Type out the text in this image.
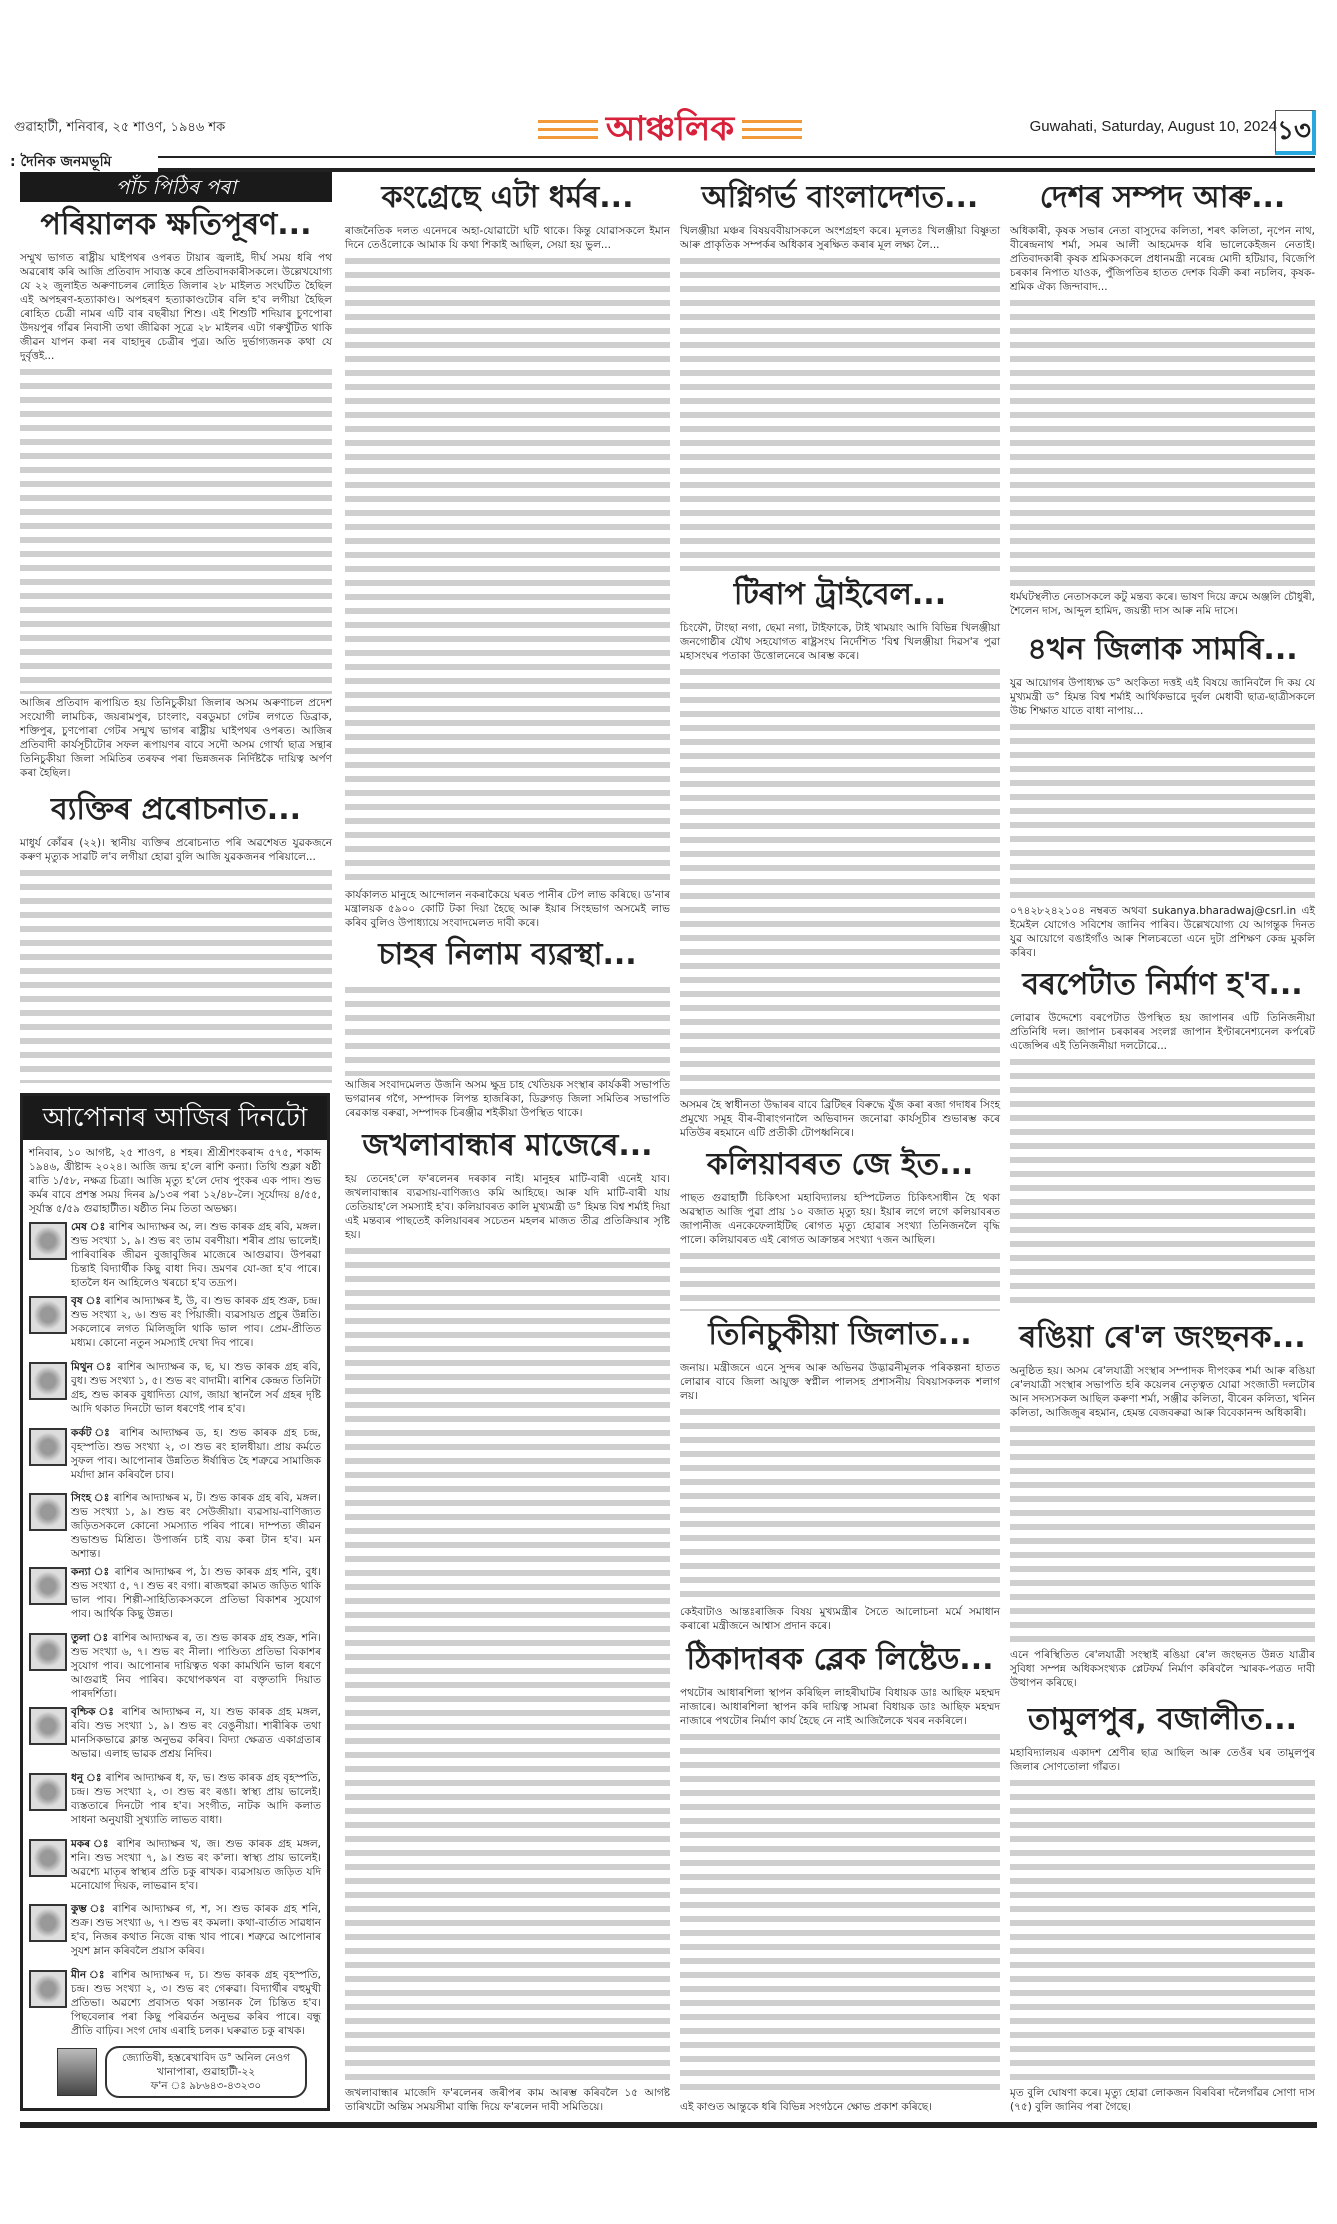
গুৱাহাটী, শনিবাৰ, ২৫ শাওণ, ১৯৪৬ শক	আঞ্চলিক	Guwahati, Saturday, August 10, 2024 ১৩
: দৈনিক জনমভূমি
পাঁচ পিঠিৰ পৰা
পৰিয়ালক ক্ষতিপূৰণ...

সম্মুখ ভাগত ৰাষ্ট্ৰীয় ঘাইপথৰ ওপৰত টায়াৰ জ্বলাই, দীৰ্ঘ সময় ধৰি পথ অৱৰোধ কৰি আজি প্ৰতিবাদ সাব্যস্ত কৰে প্ৰতিবাদকাৰীসকলে। উল্লেখযোগ্য যে ২২ জুলাইত অৰুণাচলৰ লোহিত জিলাৰ ২৮ মাইলত সংঘটিত হৈছিল এই অপহৰণ-হত্যাকাণ্ড। অপহৰণ হত্যাকাণ্ডটোৰ বলি হ'ব লগীয়া হৈছিল ৰোহিত চেত্ৰী নামৰ এটি বাৰ বছৰীয়া শিশু। এই শিশুটি শদিয়াৰ চুণপোৰা উদয়পুৰ গাঁৱৰ নিবাসী তথা জীৱিকা সূত্ৰে ২৮ মাইলৰ এটা গৰুখুঁটিত থাকি জীৱন যাপন কৰা নৰ বাহাদুৰ চেত্ৰীৰ পুত্ৰ। অতি দুৰ্ভাগ্যজনক কথা যে দুৰ্বৃত্তই...

আজিৰ প্ৰতিবাদ ৰূপায়িত হয় তিনিচুকীয়া জিলাৰ অসম অৰুণাচল প্ৰদেশ সংযোগী লামচিক, জয়ৰামপুৰ, চাংলাং, বৰডুমচা গেটৰ লগতে ডিব্ৰাক, শক্তিপুৰ, চুণপোৰা গেটৰ সন্মুখ ভাগৰ ৰাষ্ট্ৰীয় ঘাইপথৰ ওপৰত। আজিৰ প্ৰতিবাদী কাৰ্যসূচীটোৰ সফল ৰূপায়ণৰ বাবে সদৌ অসম গোৰ্খা ছাত্ৰ সন্থাৰ তিনিচুকীয়া জিলা সমিতিৰ তৰফৰ পৰা ভিন্নজনক নিৰ্দিষ্টকৈ দায়িত্ব অৰ্পণ কৰা হৈছিল।

ব্যক্তিৰ প্ৰৰোচনাত...

মাধুৰ্য কোঁৱৰ (২২)। স্থানীয় ব্যক্তিৰ প্ৰৰোচনাত পৰি অৱশেষত যুৱকজনে কৰুণ মৃত্যুক সাৱটি ল'ব লগীয়া হোৱা বুলি আজি যুৱকজনৰ পৰিয়ালে...

আপোনাৰ আজিৰ দিনটো
শনিবাৰ, ১০ আগষ্ট, ২৫ শাওণ, ৪ শহৰ। শ্ৰীশ্ৰীশংকৰাব্দ ৫৭৫, শকাব্দ ১৯৪৬, খ্ৰীষ্টাব্দ ২০২৪। আজি জন্ম হ'লে ৰাশি কন্যা। তিথি শুক্লা ষষ্ঠী ৰাতি ১/৫৮, নক্ষত্ৰ চিত্ৰা। আজি মৃত্যু হ'লে দোষ পুংকৰ এক পাদ। শুভ কৰ্মৰ বাবে প্ৰশস্ত সময় দিনৰ ৯/১৩ৰ পৰা ১২/৪৮-লৈ। সূৰ্যোদয় ৪/৫৫, সূৰ্যাস্ত ৫/৫৯ গুৱাহাটীত। ষষ্ঠীত নিম তিতা অভক্ষ্য।
মেষ ঃ ৰাশিৰ আদ্যাক্ষৰ অ, ল। শুভ কাৰক গ্ৰহ ৰবি, মঙ্গল। শুভ সংখ্যা ১, ৯। শুভ ৰং তাম বৰণীয়া। শৰীৰ প্ৰায় ভালেই। পাৰিবাৰিক জীৱন বুজাবুজিৰ মাজেৰে আগুৱাব। উপৰৱা চিন্তাই বিদ্যাৰ্থীক কিছু বাধা দিব। ভ্ৰমণৰ যো-জা হ'ব পাৰে। হাতলৈ ধন আহিলেও খৰচো হ'ব তদ্ৰূপ।
বৃষ ঃ ৰাশিৰ আদ্যাক্ষৰ ই, উ, ব। শুভ কাৰক গ্ৰহ শুক্ৰ, চন্দ্ৰ। শুভ সংখ্যা ২, ৬। শুভ ৰং পিঁয়াজী। ব্যৱসায়ত প্ৰচুৰ উন্নতি। সকলোৰে লগত মিলিজুলি থাকি ভাল পাব। প্ৰেম-প্ৰীতিত মধ্যম। কোনো নতুন সমস্যাই দেখা দিব পাৰে।
মিথুন ঃ ৰাশিৰ আদ্যাক্ষৰ ক, ছ, ঘ। শুভ কাৰক গ্ৰহ ৰবি, বুধ। শুভ সংখ্যা ১, ৫। শুভ ৰং বাদামী। ৰাশিৰ কেন্দ্ৰত তিনিটা গ্ৰহ, শুভ কাৰক বুধাদিত্য যোগ, জায়া স্থানলৈ সৰ্ব গ্ৰহৰ দৃষ্টি আদি থকাত দিনটো ভাল ধৰণেই পাৰ হ'ব।
কৰ্কট ঃ ৰাশিৰ আদ্যাক্ষৰ ড, হ। শুভ কাৰক গ্ৰহ চন্দ্ৰ, বৃহস্পতি। শুভ সংখ্যা ২, ৩। শুভ ৰং হালধীয়া। প্ৰায় কৰ্মতে সুফল পাব। আপোনাৰ উন্নতিত ঈৰ্ষান্বিত হৈ শত্ৰুৱে সামাজিক মৰ্যাদা ম্লান কৰিবলৈ চাব।
সিংহ ঃ ৰাশিৰ আদ্যাক্ষৰ ম, ট। শুভ কাৰক গ্ৰহ ৰবি, মঙ্গল। শুভ সংখ্যা ১, ৯। শুভ ৰং সেউজীয়া। ব্যৱসায়-বাণিজ্যত জড়িতসকলে কোনো সমস্যাত পৰিব পাৰে। দাম্পত্য জীৱন শুভাশুভ মিশ্ৰিত। উপাৰ্জন চাই ব্যয় কৰা টান হ'ব। মন অশান্ত।
কন্যা ঃ ৰাশিৰ আদ্যাক্ষৰ প, ঠ। শুভ কাৰক গ্ৰহ শনি, বুধ। শুভ সংখ্যা ৫, ৭। শুভ ৰং বগা। ৰাজহুৱা কামত জড়িত থাকি ভাল পাব। শিল্পী-সাহিত্যিকসকলে প্ৰতিভা বিকাশৰ সুযোগ পাব। আৰ্থিক কিছু উন্নত।
তুলা ঃ ৰাশিৰ আদ্যাক্ষৰ ৰ, ত। শুভ কাৰক গ্ৰহ শুক্ৰ, শনি। শুভ সংখ্যা ৬, ৭। শুভ ৰং নীলা। পাণ্ডিত্য প্ৰতিভা বিকাশৰ সুযোগ পাব। আপোনাৰ দায়িত্বত থকা কামখিনি ভাল ধৰণে আগুৱাই নিব পাৰিব। কথোপকথন বা বক্তৃতাদি দিয়াত পাৰদৰ্শিতা।
বৃশ্চিক ঃ ৰাশিৰ আদ্যাক্ষৰ ন, য। শুভ কাৰক গ্ৰহ মঙ্গল, ৰবি। শুভ সংখ্যা ১, ৯। শুভ ৰং বেঙুনীয়া। শাৰীৰিক তথা মানসিকভাৱে ক্লান্ত অনুভৱ কৰিব। বিদ্যা ক্ষেত্ৰত একাগ্ৰতাৰ অভাৱ। এলাহ ভাৱক প্ৰশ্ৰয় নিদিব।
ধনু ঃ ৰাশিৰ আদ্যাক্ষৰ ধ, ফ, ভ। শুভ কাৰক গ্ৰহ বৃহস্পতি, চন্দ্ৰ। শুভ সংখ্যা ২, ৩। শুভ ৰং ৰঙা। স্বাস্থ্য প্ৰায় ভালেই। ব্যস্ততাৰে দিনটো পাৰ হ'ব। সংগীত, নাটক আদি কলাত সাধনা অনুযায়ী সুখ্যাতি লাভত বাধা।
মকৰ ঃ ৰাশিৰ আদ্যাক্ষৰ খ, জ। শুভ কাৰক গ্ৰহ মঙ্গল, শনি। শুভ সংখ্যা ৭, ৯। শুভ ৰং ক'লা। স্বাস্থ্য প্ৰায় ভালেই। অৱশ্যে মাতৃৰ স্বাস্থ্যৰ প্ৰতি চকু ৰাখক। ব্যৱসায়ত জড়িত যদি মনোযোগ দিয়ক, লাভৱান হ'ব।
কুম্ভ ঃ ৰাশিৰ আদ্যাক্ষৰ গ, শ, স। শুভ কাৰক গ্ৰহ শনি, শুক্ৰ। শুভ সংখ্যা ৬, ৭। শুভ ৰং কমলা। কথা-বাৰ্তাত সাৱধান হ'ব, নিজৰ কথাত নিজে বান্ধ খাব পাৰে। শত্ৰুৱে আপোনাৰ সুযশ ম্লান কৰিবলৈ প্ৰয়াস কৰিব।
মীন ঃ ৰাশিৰ আদ্যাক্ষৰ দ, চ। শুভ কাৰক গ্ৰহ বৃহস্পতি, চন্দ্ৰ। শুভ সংখ্যা ২, ৩। শুভ ৰং গেৰুৱা। বিদ্যাৰ্থীৰ বহুমুখী প্ৰতিভা। অৱশ্যে প্ৰবাসত থকা সন্তানক লৈ চিন্তিত হ'ব। পিছবেলাৰ পৰা কিছু পৰিৱৰ্তন অনুভৱ কৰিব পাৰে। বন্ধু প্ৰীতি বাঢ়িব। সংগ দোষ এৰাহি চলক। ঘৰুৱাত চকু ৰাখক।
জ্যোতিষী, হস্তৰেখাবিদ ড° অনিল নেওগ
খানাপাৰা, গুৱাহাটী-২২
ফ'ন ঃ ৯৮৬৪৩-৪৩২৩০
কংগ্ৰেছে এটা ধৰ্মৰ...

ৰাজনৈতিক দলত এনেদৰে অহা-যোৱাটো ঘটি থাকে। কিন্তু যোৱাসকলে ইমান দিনে তেওঁলোকে আমাক যি কথা শিকাই আছিল, সেয়া হয় ভুল...

কাৰ্যকালত মানুহে আন্দোলন নকৰাকৈয়ে ঘৰত পানীৰ টেপ লাভ কৰিছে। ড'নাৰ মন্ত্ৰালয়ক ৫৯০০ কোটি টকা দিয়া হৈছে আৰু ইয়াৰ সিংহভাগ অসমেই লাভ কৰিব বুলিও উপাধ্যায়ে সংবাদমেলত দাবী কৰে।

চাহৰ নিলাম ব্যৱস্থা...

আজিৰ সংবাদমেলত উজনি অসম ক্ষুদ্ৰ চাহ খেতিয়ক সংস্থাৰ কাৰ্যকৰী সভাপতি ভগৱানৰ গগৈ, সম্পাদক লিপন্ত হাজৰিকা, ডিব্ৰুগড় জিলা সমিতিৰ সভাপতি ৰেৱকান্ত বৰুৱা, সম্পাদক চিৰঞ্জীৱ শইকীয়া উপস্থিত থাকে।

জখলাবান্ধাৰ মাজেৰে...

হয় তেনেহ'লে ফ'ৰলেনৰ দৰকাৰ নাই। মানুহৰ মাটি-বাৰী এনেই যাব। জখলাবান্ধাৰ ব্যৱসায়-বাণিজ্যও কমি আহিছে। আৰু যদি মাটি-বাৰী যায় তেতিয়াহ'লে সমস্যাই হ'ব। কলিয়াবৰত কালি মুখ্যমন্ত্ৰী ড° হিমন্ত বিশ্ব শৰ্মাই দিয়া এই মন্তব্যৰ পাছতেই কলিয়াবৰৰ সচেতন মহলৰ মাজত তীব্ৰ প্ৰতিক্ৰিয়াৰ সৃষ্টি হয়।

জখলাবান্ধাৰ মাজেদি ফ'ৰলেনৰ জৰীপৰ কাম আৰম্ভ কৰিবলৈ ১৫ আগষ্ট তাৰিখটো অন্তিম সময়সীমা বান্ধি দিয়ে ফ'ৰলেন দাবী সমিতিয়ে।

অগ্নিগৰ্ভ বাংলাদেশত...

খিলঞ্জীয়া মঞ্চৰ বিষয়ববীয়াসকলে অংশগ্ৰহণ কৰে। মূলতঃ খিলঞ্জীয়া বিষ্ণুতা আৰু প্ৰাকৃতিক সম্পৰ্কৰ অধিকাৰ সুৰক্ষিত কৰাৰ মূল লক্ষ্য লৈ...

টিৰাপ ট্ৰাইবেল...

চিংফৌ, টাংছা নগা, ছেমা নগা, টাইফাকে, টাই খাময়াং আদি বিভিন্ন খিলঞ্জীয়া জনগোষ্ঠীৰ যৌথ সহযোগত ৰাষ্ট্ৰসংঘ নিৰ্দেশিত 'বিশ্ব খিলঞ্জীয়া দিৱস'ৰ পুৱা মহাসংঘৰ পতাকা উত্তোলনেৰে আৰম্ভ কৰে।

অসমৰ হৈ স্বাধীনতা উদ্ধাৰৰ বাবে ব্ৰিটিছৰ বিৰুদ্ধে যুঁজ কৰা ৰজা গদাধৰ সিংহ প্ৰমুখ্যে সমূহ বীৰ-বীৰাংগনালৈ অভিবাদন জনোৱা কাৰ্যসূচীৰ শুভাৰম্ভ কৰে মতিউৰ ৰহমানে এটি প্ৰতীকী টোপধ্বনিৰে।

কলিয়াবৰত জে ইত...

পাছত গুৱাহাটী চিকিৎসা মহাবিদ্যালয় হস্পিটেলত চিকিৎসাধীন হৈ থকা অৱস্থাত আজি পুৱা প্ৰায় ১০ বজাত মৃত্যু হয়। ইয়াৰ লগে লগে কলিয়াবৰত জাপানীজ এনকেফেলাইটিছ ৰোগত মৃত্যু হোৱাৰ সংখ্যা তিনিজনলৈ বৃদ্ধি পালে। কলিয়াবৰত এই ৰোগত আক্ৰান্তৰ সংখ্যা ৭জন আছিল।

তিনিচুকীয়া জিলাত...

জনায়। মন্ত্ৰীজনে এনে সুন্দৰ আৰু অভিনৱ উদ্ভাৱনীমূলক পৰিকল্পনা হাতত লোৱাৰ বাবে জিলা আয়ুক্ত স্বপ্নীল পালসহ প্ৰশাসনীয় বিষয়াসকলক শলাগ লয়।

কেইবাটাও আন্তঃৰাজিক বিষয় মুখ্যমন্ত্ৰীৰ সৈতে আলোচনা মৰ্মে সমাধান কৰাৰো মন্ত্ৰীজনে আশ্বাস প্ৰদান কৰে।

ঠিকাদাৰক ব্লেক লিষ্টেড...

পথটোৰ আধাৰশিলা স্থাপন কৰিছিল লাহৰীঘাটৰ বিধায়ক ডাঃ আছিফ মহম্মদ নাজাৰে। আধাৰশিলা স্থাপন কৰি দায়িত্ব সামৰা বিধায়ক ডাঃ আছিফ মহম্মদ নাজাৰে পথটোৰ নিৰ্মাণ কাৰ্য হৈছে নে নাই আজিলৈকে খবৰ নকৰিলে।

এই কাণ্ডত আন্তুকে ধৰি বিভিন্ন সংগঠনে ক্ষোভ প্ৰকাশ কৰিছে।

দেশৰ সম্পদ আৰু...

অধিকাৰী, কৃষক সভাৰ নেতা বাসুদেৱ কলিতা, শৰৎ কলিতা, নৃপেন নাথ, বীৰেন্দ্ৰনাথ শৰ্মা, সমৰ আলী আহমেদক ধৰি ভালেকেইজন নেতাই। প্ৰতিবাদকাৰী কৃষক শ্ৰমিকসকলে প্ৰধানমন্ত্ৰী নৰেন্দ্ৰ মোদী হটিয়াব, বিজেপি চৰকাৰ নিপাত যাওক, পুঁজিপতিৰ হাতত দেশক বিক্ৰী কৰা নচলিব, কৃষক-শ্ৰমিক ঐক্য জিন্দাবাদ...

ধৰ্মঘটস্থলীত নেতাসকলে কটু মন্তব্য কৰে। ভাষণ দিয়ে ক্ৰমে অঞ্জলি চৌধুৰী, শৈলেন দাস, আব্দুল হামিদ, জয়ন্তী দাস আৰু নমি দাসে।

৪খন জিলাক সামৰি...

যুৱ আয়োগৰ উপাধ্যক্ষ ড° অংকিতা দত্তই এই বিষয়ে জানিবলৈ দি কয় যে মুখ্যমন্ত্ৰী ড° হিমন্ত বিশ্ব শৰ্মাই আৰ্থিকভাৱে দুৰ্বল মেধাবী ছাত্ৰ-ছাত্ৰীসকলে উচ্চ শিক্ষাত যাতে বাধা নাপায়...

০৭৪২৮২৪২১০৪ নম্বৰত অথবা sukanya.bharadwaj@csrl.in এই ইমেইল যোগেও সবিশেষ জানিব পাৰিব। উল্লেখযোগ্য যে আগন্তুক দিনত যুৱ আয়োগে বঙাইগাঁও আৰু শিলচৰতো এনে দুটা প্ৰশিক্ষণ কেন্দ্ৰ মুকলি কৰিব।

বৰপেটাত নিৰ্মাণ হ'ব...

লোৱাৰ উদ্দেশ্যে বৰপেটাত উপস্থিত হয় জাপানৰ এটি তিনিজনীয়া প্ৰতিনিধি দল। জাপান চৰকাৰৰ সংলগ্ন জাপান ইণ্টাৰনেশ্যনেল কৰ্পৰেট এজেন্সিৰ এই তিনিজনীয়া দলটোৱে...

ৰঙিয়া ৰে'ল জংছনক...

অনুষ্ঠিত হয়। অসম ৰে'লযাত্ৰী সংস্থাৰ সম্পাদক দীপংকৰ শৰ্মা আৰু ৰঙিয়া ৰে'লযাত্ৰী সংস্থাৰ সভাপতি হৰি কয়েলৰ নেতৃত্বত যোৱা সংজাতী দলটোৰ আন সদস্যসকল আছিল কৰুণা শৰ্মা, সঞ্জীৱ কলিতা, বীৰেন কলিতা, খনিন কলিতা, আজিজুৰ ৰহমান, হেমন্ত বেজবৰুৱা আৰু বিবেকানন্দ অধিকাৰী।

এনে পৰিস্থিতিত ৰে'লযাত্ৰী সংস্থাই ৰঙিয়া ৰে'ল জংছনত উন্নত যাত্ৰীৰ সুবিধা সম্পন্ন অধিকসংখ্যক প্লেটফৰ্ম নিৰ্মাণ কৰিবলৈ স্মাৰক-পত্ৰত দাবী উত্থাপন কৰিছে।

তামুলপুৰ, বজালীত...

মহাবিদ্যালয়ৰ একাদশ শ্ৰেণীৰ ছাত্ৰ আছিল আৰু তেওঁৰ ঘৰ তামুলপুৰ জিলাৰ সোণতোলা গাঁৱত।

মৃত বুলি ঘোষণা কৰে। মৃত্যু হোৱা লোকজন বিৰবিৰা দলৈগাঁৱৰ সোণা দাস (৭৫) বুলি জানিব পৰা গৈছে।
